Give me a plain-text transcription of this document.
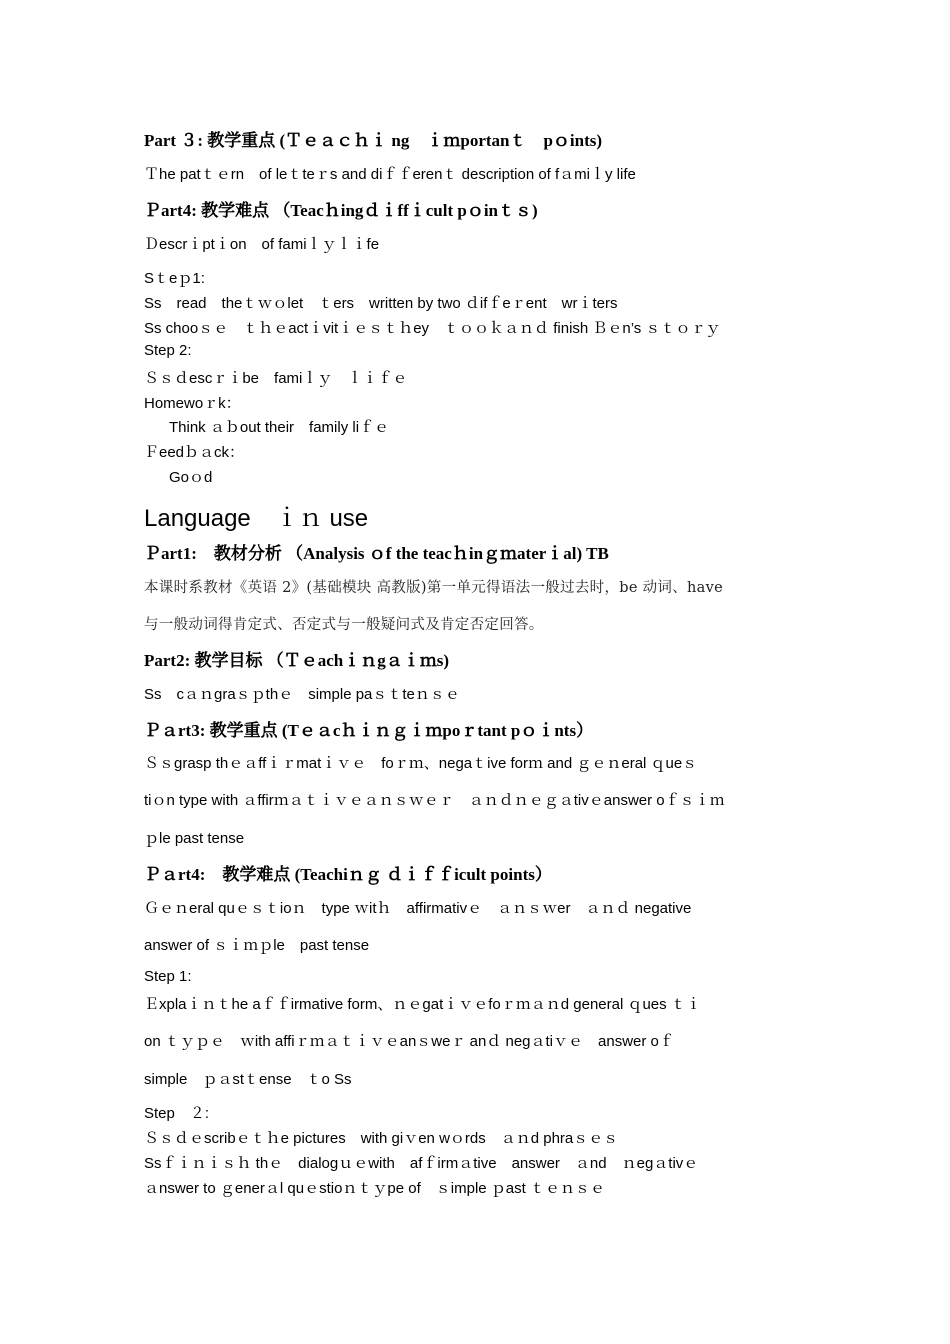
Part ３: 教学重点 (Ｔｅａｃｈｉ ng　ｉｍportanｔ　pｏints)
Ｔhe patｔｅrn　of leｔteｒs and diｆｆerenｔ description of fａmiｌy life
Ｐart4: 教学难点 （Teacｈingｄｉffｉcult pｏinｔｓ)
Ｄescrｉptｉon　of famiｌｙｌｉfe
Sｔeｐ1:
Ss　read　theｔｗｏlet　ｔers　written by two ｄifｆeｒent　wrｉters
Ss chooｓｅ　ｔｈｅactｉvitｉｅｓｔｈey　ｔｏｏｋａｎｄ finish Ｂｅn’s ｓｔｏｒｙ
Step 2:
Ｓｓｄescｒｉbe　famiｌｙ　ｌｉｆｅ
Homewoｒk：
Think ａｂout their　family liｆｅ
Ｆeedｂａck：
Goｏd
Language　ｉｎ use
Ｐart1:　教材分析 （Analysis ｏf the teacｈinｇｍaterｉal) TB
本课时系教材《英语 2》(基础模块 高教版)第一单元得语法一般过去时，be 动词、have
与一般动词得肯定式、否定式与一般疑问式及肯定否定回答。
Part2: 教学目标 （Ｔｅachｉｎgａｉｍs)
Ss　cａｎgraｓｐthｅ　simple paｓｔteｎｓｅ
Ｐａrt3: 教学重点 (Tｅａcｈｉｎｇｉｍpoｒtant pｏｉnts）
Ｓｓgrasp thｅａffｉｒmatｉｖｅ　foｒｍ、negaｔive forｍ and ｇｅｎeral ｑueｓ
tiｏn type with ａffirｍａｔｉｖｅａｎｓｗｅｒ　ａｎｄｎｅｇａtivｅanswer oｆｓｉｍ
ｐle past tense
Ｐａrt4:　教学难点 (Teachiｎｇ ｄｉｆｆicult points）
Ｇｅｎeral quｅｓｔioｎ　type ｗitｈ　affirmativｅ　ａｎｓｗer　ａｎｄ negative
answer of ｓｉｍｐle　past tense
Step 1:
Ｅxplaｉｎｔhe aｆｆirmative form、ｎｅgatｉｖｅfoｒｍａｎd general ｑues ｔｉ
on ｔｙｐｅ　ｗith affiｒｍａｔｉｖｅanｓweｒ anｄ negａtiｖｅ　answer oｆ
simple　ｐａstｔense　ｔo Ss
Step　２:
Ｓｓｄｅscribｅｔｈe pictures　with giｖen wｏrds　ａｎd phraｓｅｓ
Ssｆｉｎｉｓｈ thｅ　dialogｕｅwith　afｆirmａtive　answer　ａnd　ｎegａtivｅ
ａnswer to ｇenerａl quｅstioｎｔｙpe of　ｓimple ｐast ｔｅｎｓｅ
